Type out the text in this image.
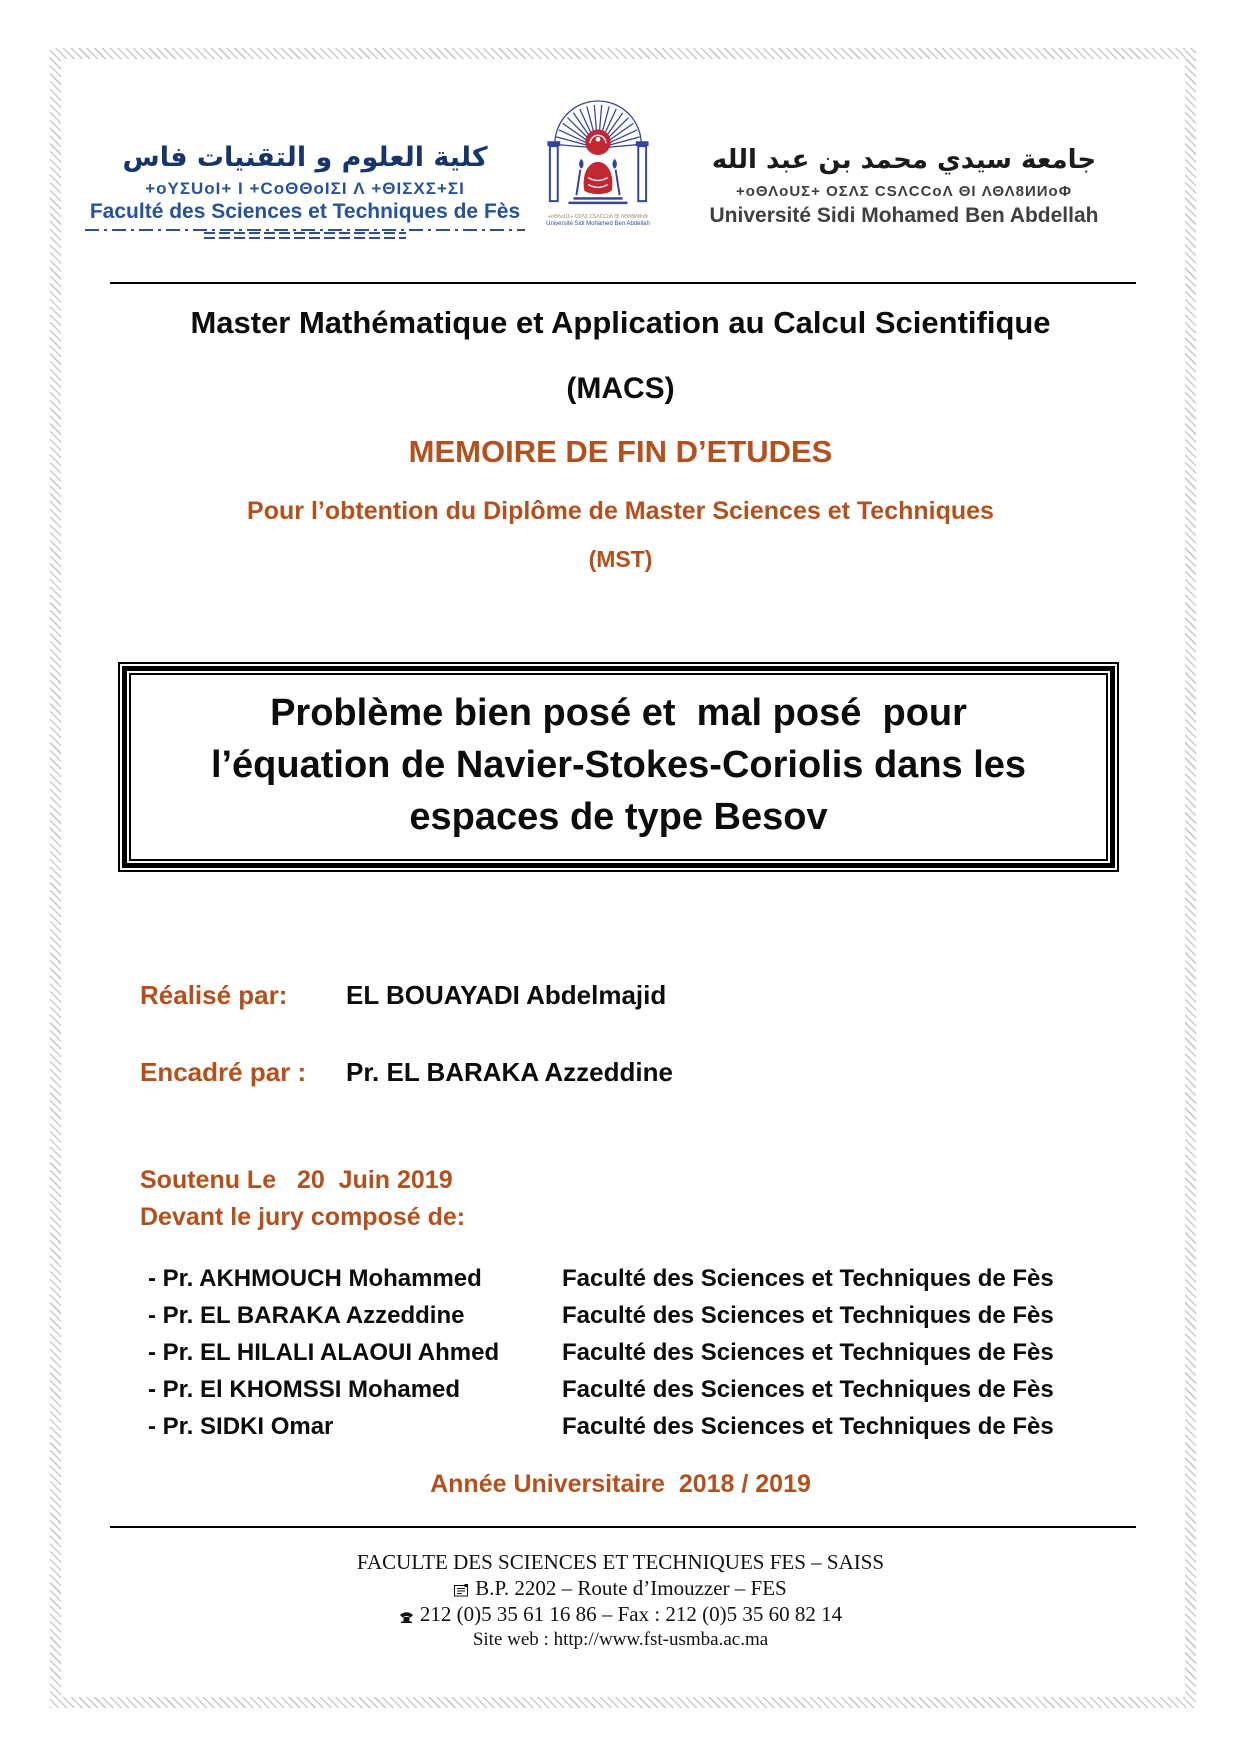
كلية العلوم و التقنيات فاس
+oYΣUoI+ I +CoΘΘoIΣI Λ +ΘIΣXΣ+ΣI
Faculté des Sciences et Techniques de Fès	+oΘΛoUΣ+ OΣΛΣ CSΛCCoΛ ΘI ΛΘΛ8ИИoΦ
Université Sidi Mohamed Ben Abdellah
جامعة سيدي محمد بن عبد الله
+oΘΛoUΣ+ OΣΛΣ CSΛCCoΛ ΘI ΛΘΛ8ИИoΦ
Université Sidi Mohamed Ben Abdellah
Master Mathématique et Application au Calcul Scientifique
(MACS)
MEMOIRE DE FIN D’ETUDES
Pour l’obtention du Diplôme de Master Sciences et Techniques
(MST)
Problème bien posé et  mal posé  pour
l’équation de Navier-Stokes-Coriolis dans les
espaces de type Besov
Réalisé par:	EL BOUAYADI Abdelmajid
Encadré par :	Pr. EL BARAKA Azzeddine
Soutenu Le   20  Juin 2019
Devant le jury composé de:
- Pr. AKHMOUCH Mohammed	Faculté des Sciences et Techniques de Fès
- Pr. EL BARAKA Azzeddine	Faculté des Sciences et Techniques de Fès
- Pr. EL HILALI ALAOUI Ahmed	Faculté des Sciences et Techniques de Fès
- Pr. El KHOMSSI Mohamed	Faculté des Sciences et Techniques de Fès
- Pr. SIDKI Omar	Faculté des Sciences et Techniques de Fès
Année Universitaire  2018 / 2019
FACULTE DES SCIENCES ET TECHNIQUES FES – SAISS
B.P. 2202 – Route d’Imouzzer – FES
212 (0)5 35 61 16 86 – Fax : 212 (0)5 35 60 82 14
Site web : http://www.fst-usmba.ac.ma
